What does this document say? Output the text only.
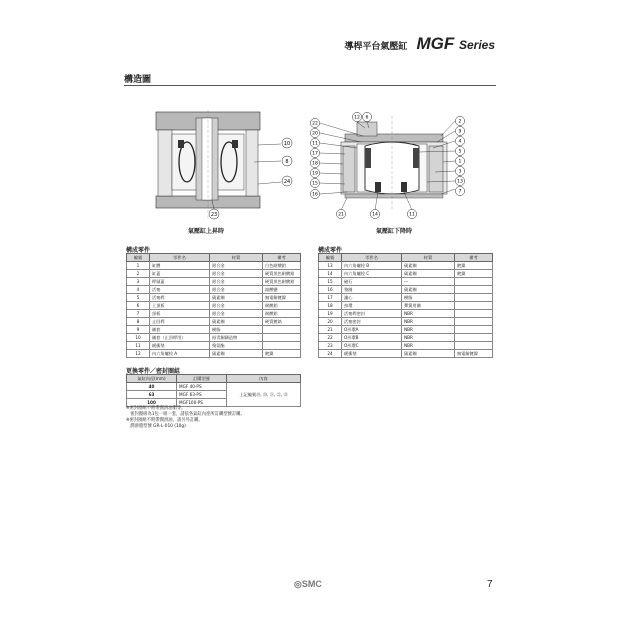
導桿平台氣壓缸 MGF Series
構造圖
10
8
24
23
氣壓缸上昇時
22
12 6
20
11
17
18
19
15
16
21	14	11
2
9
4
5
1
3
13
7
氣壓缸下降時
構成零件
編號	零件名	材質	備考
1	缸體	鋁合金	白色耐酸鋁
2	缸蓋	鋁合金	硬質黑色耐酸鋁
3	桿頭蓋	鋁合金	硬質黑色耐酸鋁
4	活塞	鋁合金	鉻酸鹽
5	活塞桿	碳素鋼	無電解鍍鎳
6	上頂板	鋁合金	耐酸鋁
7	頂板	鋁合金	耐酸鋁
8	止回桿	碳素鋼	硬質鍍鉻
9	襯套	樹脂	
10	襯套（止回桿用）	鉛青銅鑄造物	
11	緩衝墊	聚氨酯	
12	內六角螺栓 A	碳素鋼	鍍鎳
構成零件
編號	零件名	材質	備考
13	內六角螺栓 B	碳素鋼	鍍鎳
14	內六角螺栓 C	碳素鋼	鍍鎳
15	磁石	—	
16	墊圈	碳素鋼	
17	濾心	樹脂	
18	扣環	彈簧用鋼	
19	活塞桿密封	NBR	
20	活塞密封	NBR	
21	O形環A	NBR	
22	O形環B	NBR	
23	O形環C	NBR	
24	緩衝墊	碳素鋼	無電解鍍鎳
更換零件／密封圈組
氣缸內徑(mm)	訂購型號	內容
40	MGF 40-PS	上記編號⑲, ⑳, ㉑, ㉒, ㉓
63	MGF 63-PS	
100	MGF100-PS	
※密封圈組不附帶潤滑油脂等。
　密封圈組為1包一組一套，請依各氣缸內徑所訂購型號訂購。
※密封圈組不附帶潤滑油，請另外訂購。
　潤滑脂型號 GR-L-010 (10g)
◎SMC	7
